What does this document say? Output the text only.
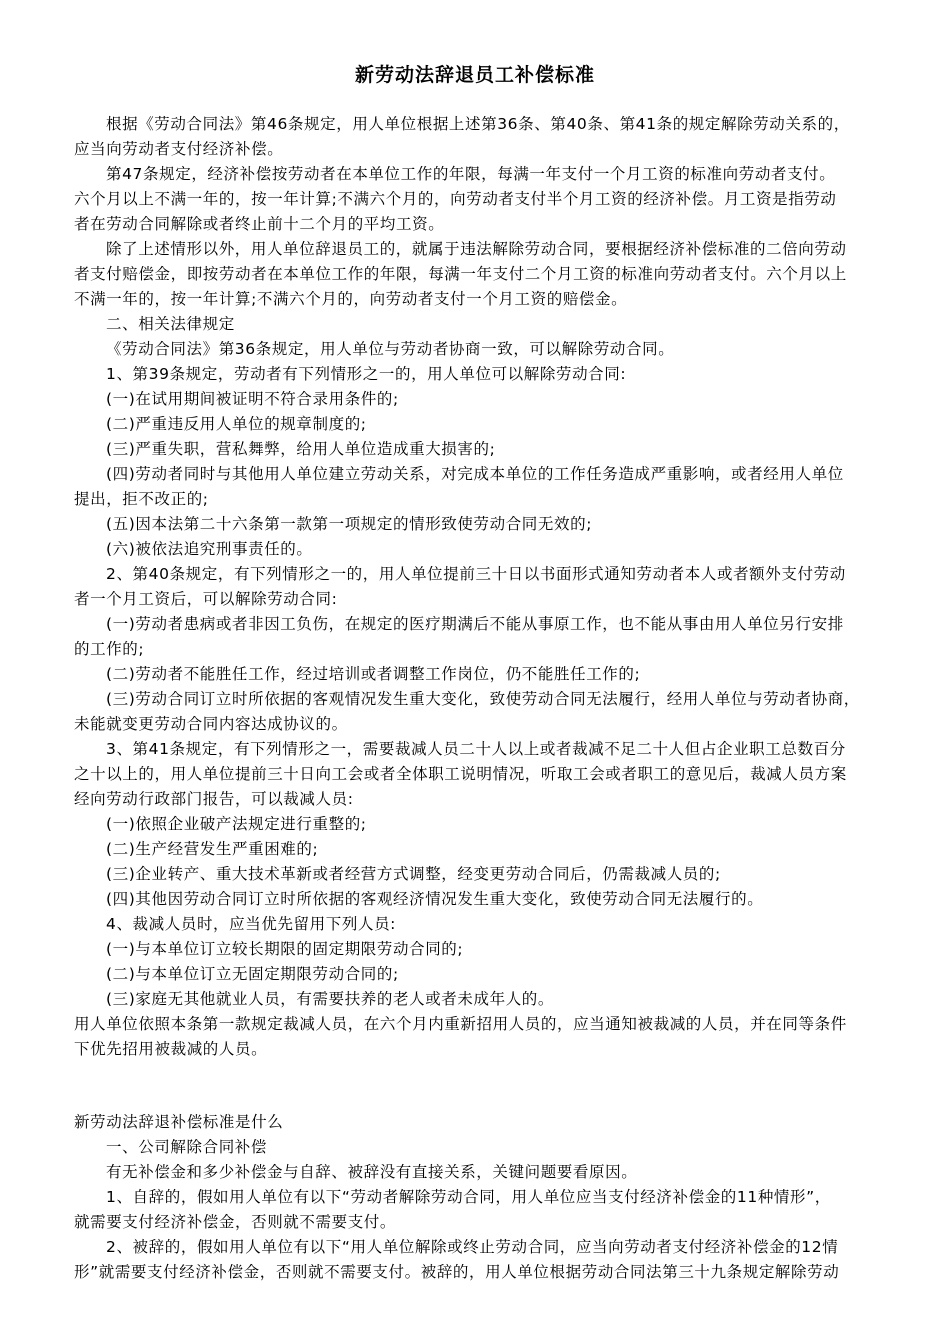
新劳动法辞退员工补偿标准
根据《劳动合同法》第46条规定，用人单位根据上述第36条、第40条、第41条的规定解除劳动关系的，
应当向劳动者支付经济补偿。
第47条规定，经济补偿按劳动者在本单位工作的年限，每满一年支付一个月工资的标准向劳动者支付。
六个月以上不满一年的，按一年计算;不满六个月的，向劳动者支付半个月工资的经济补偿。月工资是指劳动
者在劳动合同解除或者终止前十二个月的平均工资。
除了上述情形以外，用人单位辞退员工的，就属于违法解除劳动合同，要根据经济补偿标准的二倍向劳动
者支付赔偿金，即按劳动者在本单位工作的年限，每满一年支付二个月工资的标准向劳动者支付。六个月以上
不满一年的，按一年计算;不满六个月的，向劳动者支付一个月工资的赔偿金。
二、相关法律规定
《劳动合同法》第36条规定，用人单位与劳动者协商一致，可以解除劳动合同。
1、第39条规定，劳动者有下列情形之一的，用人单位可以解除劳动合同:
(一)在试用期间被证明不符合录用条件的;
(二)严重违反用人单位的规章制度的;
(三)严重失职，营私舞弊，给用人单位造成重大损害的;
(四)劳动者同时与其他用人单位建立劳动关系，对完成本单位的工作任务造成严重影响，或者经用人单位
提出，拒不改正的;
(五)因本法第二十六条第一款第一项规定的情形致使劳动合同无效的;
(六)被依法追究刑事责任的。
2、第40条规定，有下列情形之一的，用人单位提前三十日以书面形式通知劳动者本人或者额外支付劳动
者一个月工资后，可以解除劳动合同:
(一)劳动者患病或者非因工负伤，在规定的医疗期满后不能从事原工作，也不能从事由用人单位另行安排
的工作的;
(二)劳动者不能胜任工作，经过培训或者调整工作岗位，仍不能胜任工作的;
(三)劳动合同订立时所依据的客观情况发生重大变化，致使劳动合同无法履行，经用人单位与劳动者协商，
未能就变更劳动合同内容达成协议的。
3、第41条规定，有下列情形之一，需要裁减人员二十人以上或者裁减不足二十人但占企业职工总数百分
之十以上的，用人单位提前三十日向工会或者全体职工说明情况，听取工会或者职工的意见后，裁减人员方案
经向劳动行政部门报告，可以裁减人员:
(一)依照企业破产法规定进行重整的;
(二)生产经营发生严重困难的;
(三)企业转产、重大技术革新或者经营方式调整，经变更劳动合同后，仍需裁减人员的;
(四)其他因劳动合同订立时所依据的客观经济情况发生重大变化，致使劳动合同无法履行的。
4、裁减人员时，应当优先留用下列人员:
(一)与本单位订立较长期限的固定期限劳动合同的;
(二)与本单位订立无固定期限劳动合同的;
(三)家庭无其他就业人员，有需要扶养的老人或者未成年人的。
用人单位依照本条第一款规定裁减人员，在六个月内重新招用人员的，应当通知被裁减的人员，并在同等条件
下优先招用被裁减的人员。
新劳动法辞退补偿标准是什么
一、公司解除合同补偿
有无补偿金和多少补偿金与自辞、被辞没有直接关系，关键问题要看原因。
1、自辞的，假如用人单位有以下“劳动者解除劳动合同，用人单位应当支付经济补偿金的11种情形”，
就需要支付经济补偿金，否则就不需要支付。
2、被辞的，假如用人单位有以下“用人单位解除或终止劳动合同，应当向劳动者支付经济补偿金的12情
形”就需要支付经济补偿金，否则就不需要支付。被辞的，用人单位根据劳动合同法第三十九条规定解除劳动
